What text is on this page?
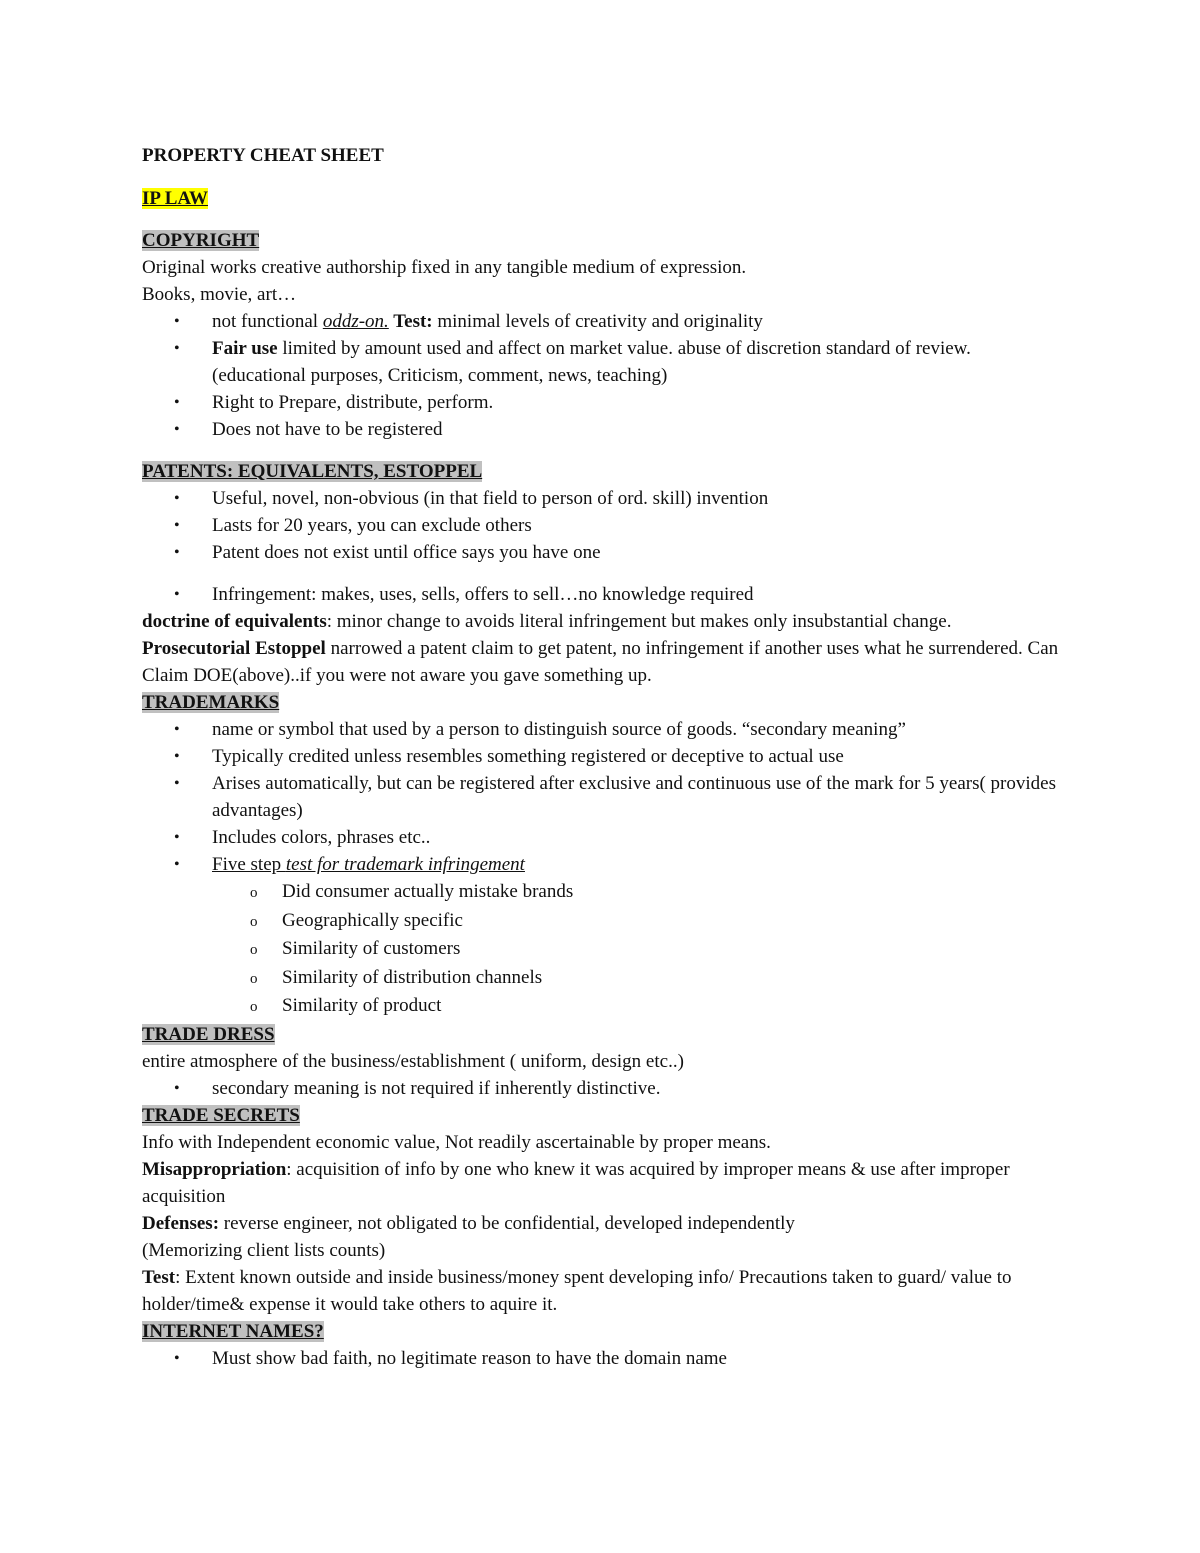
PROPERTY CHEAT SHEET

IP LAW

COPYRIGHT

Original works creative authorship fixed in any tangible medium of expression.

Books, movie, art…

• not functional oddz-on. Test: minimal levels of creativity and originality
• Fair use limited by amount used and affect on market value. abuse of discretion standard of review. (educational purposes, Criticism, comment, news, teaching)
• Right to Prepare, distribute, perform.
• Does not have to be registered

PATENTS: EQUIVALENTS, ESTOPPEL

• Useful, novel, non-obvious (in that field to person of ord. skill) invention
• Lasts for 20 years, you can exclude others
• Patent does not exist until office says you have one
• Infringement: makes, uses, sells, offers to sell…no knowledge required

doctrine of equivalents: minor change to avoids literal infringement but makes only insubstantial change.

Prosecutorial Estoppel narrowed a patent claim to get patent, no infringement if another uses what he surrendered. Can Claim DOE(above)..if you were not aware you gave something up.

TRADEMARKS

• name or symbol that used by a person to distinguish source of goods. “secondary meaning”
• Typically credited unless resembles something registered or deceptive to actual use
• Arises automatically, but can be registered after exclusive and continuous use of the mark for 5 years( provides advantages)
• Includes colors, phrases etc..
• Five step test for trademark infringement
o Did consumer actually mistake brands
o Geographically specific
o Similarity of customers
o Similarity of distribution channels
o Similarity of product

TRADE DRESS

entire atmosphere of the business/establishment ( uniform, design etc..)

• secondary meaning is not required if inherently distinctive.

TRADE SECRETS

Info with Independent economic value, Not readily ascertainable by proper means.

Misappropriation: acquisition of info by one who knew it was acquired by improper means & use after improper acquisition

Defenses: reverse engineer, not obligated to be confidential, developed independently

(Memorizing client lists counts)

Test: Extent known outside and inside business/money spent developing info/ Precautions taken to guard/ value to holder/time& expense it would take others to aquire it.

INTERNET NAMES?

• Must show bad faith, no legitimate reason to have the domain name
